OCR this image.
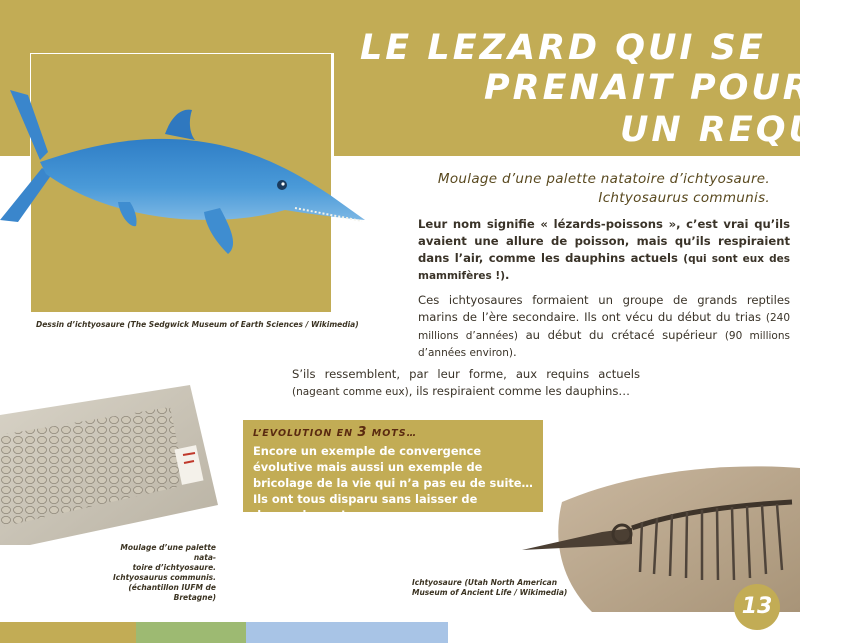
LE LEZARD QUI SE
PRENAIT POUR
UN REQUIN
Dessin d’ichtyosaure (The Sedgwick Museum of Earth Sciences / Wikimedia)
Moulage d’une palette natatoire d’ichtyosaure.
Ichtyosaurus communis.

Leur nom signifie « lézards-poissons », c’est vrai qu’ils avaient une allure de poisson, mais qu’ils respiraient dans l’air, comme les dauphins actuels (qui sont eux des mammifères !).

Ces ichtyosaures formaient un groupe de grands reptiles marins de l’ère secondaire. Ils ont vécu du début du trias (240 millions d’années) au début du crétacé supérieur (90 millions d’années environ).

S’ils ressemblent, par leur forme, aux requins actuels (nageant comme eux), ils respiraient comme les dauphins…

Moulage d’une palette nata-
toire d’ichtyosaure.
Ichtyosaurus communis.
(échantillon IUFM de Bretagne)
L’EVOLUTION EN 3 MOTS…
Encore un exemple de convergence évolutive mais aussi un exemple de bricolage de la vie qui n’a pas eu de suite… Ils ont tous disparu sans laisser de descendance !
Ichtyosaure (Utah North American
Museum of Ancient Life / Wikimedia)
13
